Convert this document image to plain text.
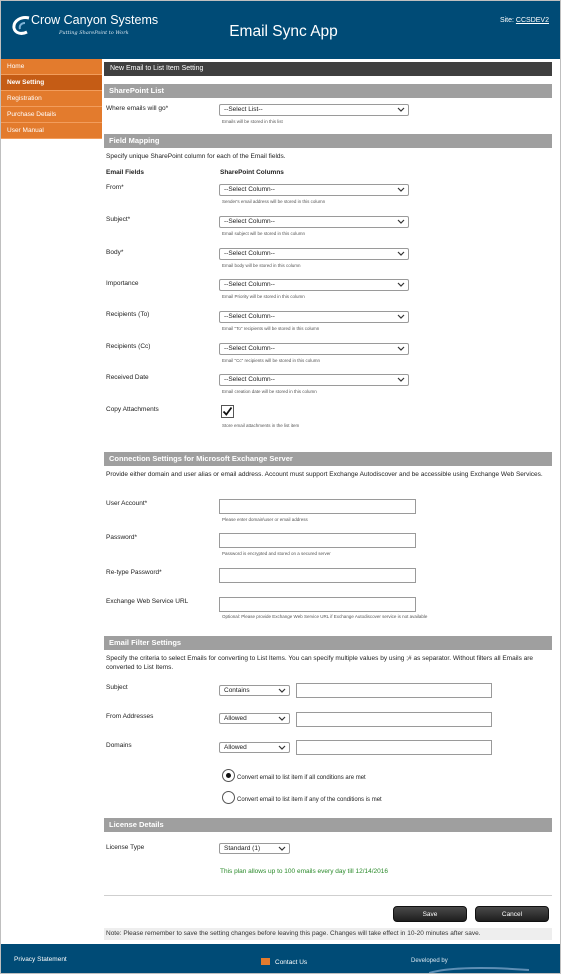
Crow Canyon Systems
Putting SharePoint to Work	Email Sync App
Site: CCSDEV2
Home
New Setting
Registration
Purchase Details
User Manual
New Email to List Item Setting
SharePoint List
Where emails will go*	--Select List--
Emails will be stored in this list
Field Mapping
Specify unique SharePoint column for each of the Email fields.
Email Fields	SharePoint Columns
From*	--Select Column--
Sender's email address will be stored in this column
Subject*	--Select Column--
Email subject will be stored in this column
Body*	--Select Column--
Email body will be stored in this column
Importance	--Select Column--
Email Priority will be stored in this column
Recipients (To)	--Select Column--
Email "To" recipients will be stored in this column
Recipients (Cc)	--Select Column--
Email "Cc" recipients will be stored in this column
Received Date	--Select Column--
Email creation date will be stored in this column
Copy Attachments
Store email attachments in the list item
Connection Settings for Microsoft Exchange Server
Provide either domain and user alias or email address. Account must support Exchange Autodiscover and be accessible using Exchange Web Services.
User Account*
Please enter domain\user or email address
Password*
Password is encrypted and stored on a secured server
Re-type Password*
Exchange Web Service URL
Optional: Please provide Exchange Web Service URL if Exchange Autodiscover service is not available
Email Filter Settings
Specify the criteria to select Emails for converting to List Items. You can specify multiple values by using ;# as separator. Without filters all Emails are converted to List Items.
Subject	Contains
From Addresses	Allowed
Domains	Allowed
Convert email to list item if all conditions are met
Convert email to list item if any of the conditions is met
License Details
License Type	Standard (1)
This plan allows up to 100 emails every day till 12/14/2016
Save	Cancel
Note: Please remember to save the setting changes before leaving this page. Changes will take effect in 10-20 minutes after save.
Privacy Statement	Contact Us	Developed by
